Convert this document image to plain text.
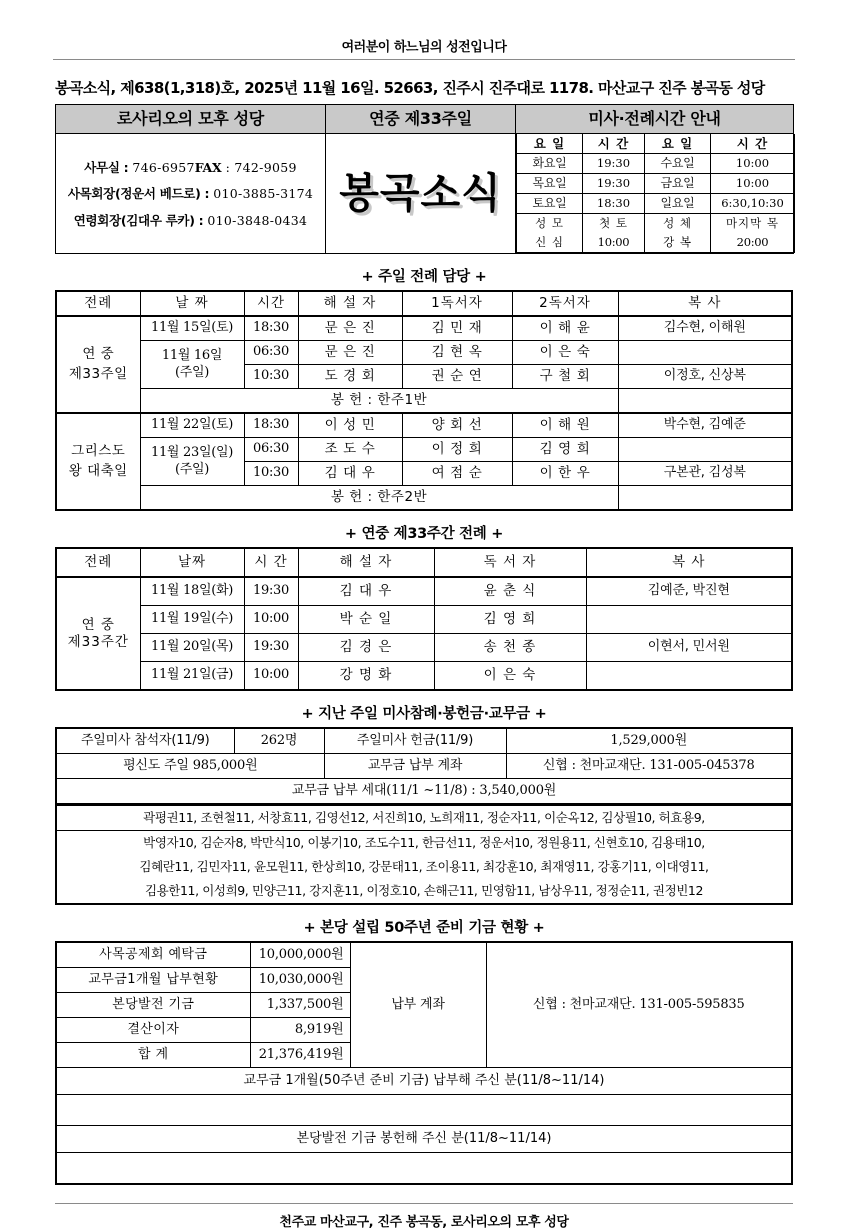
여러분이 하느님의 성전입니다
봉곡소식, 제638(1,318)호, 2025년 11월 16일. 52663, 진주시 진주대로 1178. 마산교구 진주 봉곡동 성당
로사리오의 모후 성당	연중 제33주일	미사·전례시간 안내

사무실 : 746-6957FAX : 742-9059
사목회장(정운서 베드로) : 010-3885-3174
연령회장(김대우 루카) : 010-3848-0434

봉곡소식

요 일	시 간	요 일	시 간
화요일	19:30	수요일	10:00
목요일	19:30	금요일	10:00
토요일	18:30	일요일	6:30,10:30
성 모	첫 토	성 체	마지막 목
신 심	10:00	강 복	20:00
+ 주일 전례 담당 +
전례	날 짜	시간	해 설 자	1독서자	2독서자	복 사
연 중
제33주일	11월 15일(토)	18:30	문 은 진	김 민 재	이 해 윤	김수현, 이해원
	11월 16일
(주일)	06:30	문 은 진	김 현 옥	이 은 숙	
		10:30	도 경 회	권 순 연	구 철 회	이정호, 신상복
	봉 헌 : 한주1반					
그리스도
왕 대축일	11월 22일(토)	18:30	이 성 민	양 회 선	이 해 원	박수현, 김예준
	11월 23일(일)
(주일)	06:30	조 도 수	이 정 희	김 영 희	
		10:30	김 대 우	여 점 순	이 한 우	구본관, 김성복
	봉 헌 : 한주2반					
+ 연중 제33주간 전례 +
전례	날짜	시 간	해 설 자	독 서 자	복 사
연 중
제33주간	11월 18일(화)	19:30	김 대 우	윤 춘 식	김예준, 박진현
	11월 19일(수)	10:00	박 순 일	김 영 희	
	11월 20일(목)	19:30	김 경 은	송 천 종	이현서, 민서원
	11월 21일(금)	10:00	강 명 화	이 은 숙	
+ 지난 주일 미사참례·봉헌금·교무금 +
주일미사 참석자(11/9)	262명	주일미사 헌금(11/9)	1,529,000원
평신도 주일 985,000원		교무금 납부 계좌	신협 : 천마교재단. 131-005-045378
교무금 납부 세대(11/1 ~11/8) : 3,540,000원			
곽평권11, 조현철11, 서창효11, 김영선12, 서진희10, 노희재11, 정순자11, 이순옥12, 김상필10, 허효용9,
박영자10, 김순자8, 박만식10, 이봉기10, 조도수11, 한금선11, 정운서10, 정원용11, 신현호10, 김용태10,
김혜란11, 김민자11, 윤모원11, 한상희10, 강문태11, 조이용11, 최강훈10, 최재영11, 강홍기11, 이대영11,
김용한11, 이성희9, 민양근11, 강지훈11, 이정호10, 손해근11, 민영함11, 남상우11, 정정순11, 권정빈12
+ 본당 설립 50주년 준비 기금 현황 +
사목공제회 예탁금	10,000,000원	납부 계좌	신협 : 천마교재단. 131-005-595835
교무금1개월 납부현황	10,030,000원		
본당발전 기금	1,337,500원		
결산이자	8,919원		
합 계	21,376,419원		
교무금 1개월(50주년 준비 기금) 납부해 주신 분(11/8~11/14)			

본당발전 기금 봉헌해 주신 분(11/8~11/14)			

천주교 마산교구, 진주 봉곡동, 로사리오의 모후 성당
